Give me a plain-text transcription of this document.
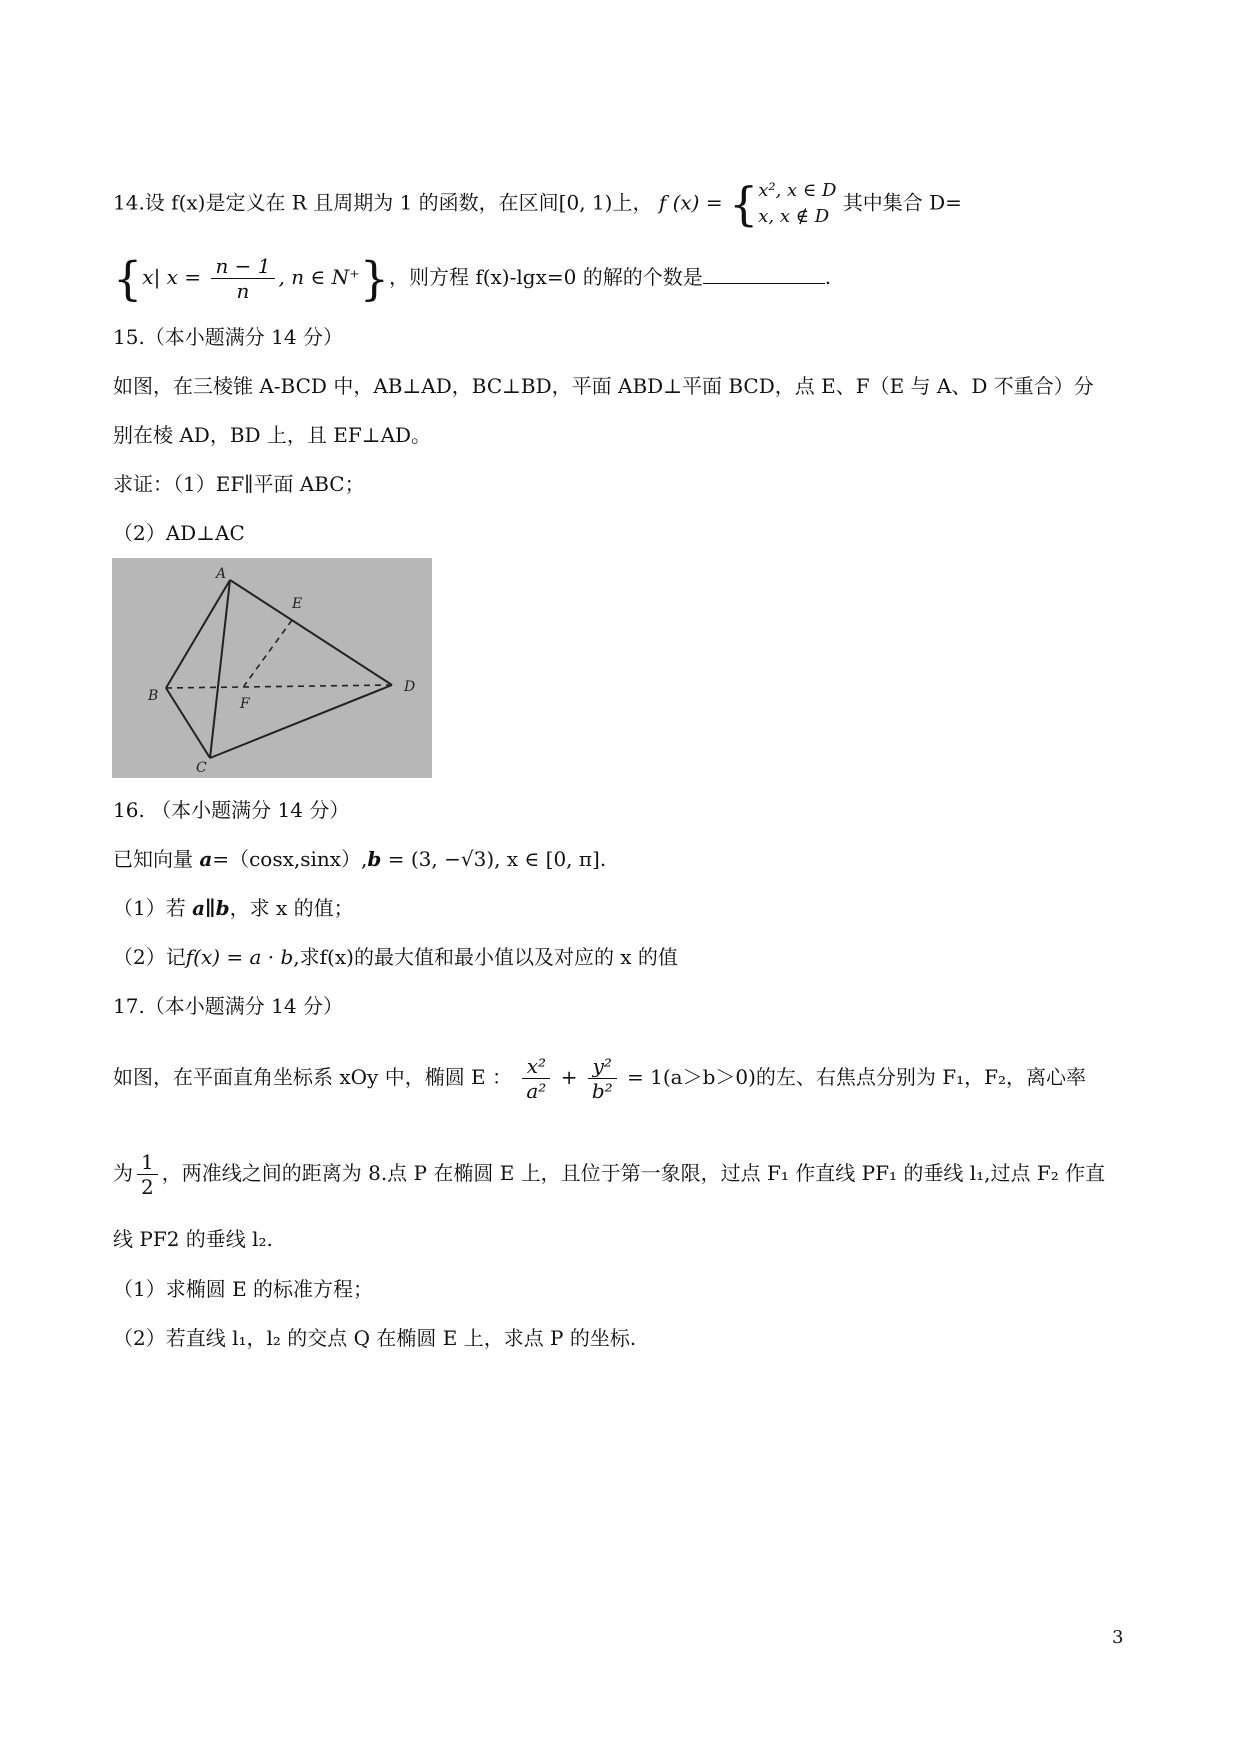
14.设 f(x)是定义在 R 且周期为 1 的函数，在区间[0, 1)上， f (x) = { x², x ∈ D
x, x ∉ D
其中集合 D=
{x| $x = \frac{n - 1}{n}$ , n ∈ N⁺}，则方程 f(x)-lgx=0 的解的个数是	.
15.（本小题满分 14 分）
如图，在三棱锥 A-BCD 中，AB⊥AD，BC⊥BD，平面 ABD⊥平面 BCD，点 E、F（E 与 A、D 不重合）分
别在棱 AD，BD 上，且 EF⊥AD。
求证：（1）EF∥平面 ABC；
（2）AD⊥AC
A
B
C
D
E
F
16. （本小题满分 14 分）
已知向量 a=（cosx,sinx）,b = (3, −√3), x ∈ [0, π].
（1）若 a∥b，求 x 的值；
（2）记f(x) = a · b,求f(x)的最大值和最小值以及对应的 x 的值
17.（本小题满分 14 分）
如图，在平面直角坐标系 xOy 中，椭圆 E ： $\frac{\text{x²}}{\text{a²}} + \frac{\text{y²}}{\text{b²}} = 1(a>b>0)$的左、右焦点分别为 F₁，F₂，离心率
为 $\frac{1}{2}$ ，两准线之间的距离为 8.点 P 在椭圆 E 上，且位于第一象限，过点 F₁ 作直线 PF₁ 的垂线 l₁,过点 F₂ 作直
线 PF2 的垂线 l₂.
（1）求椭圆 E 的标准方程；
（2）若直线 l₁，l₂ 的交点 Q 在椭圆 E 上，求点 P 的坐标.
3
